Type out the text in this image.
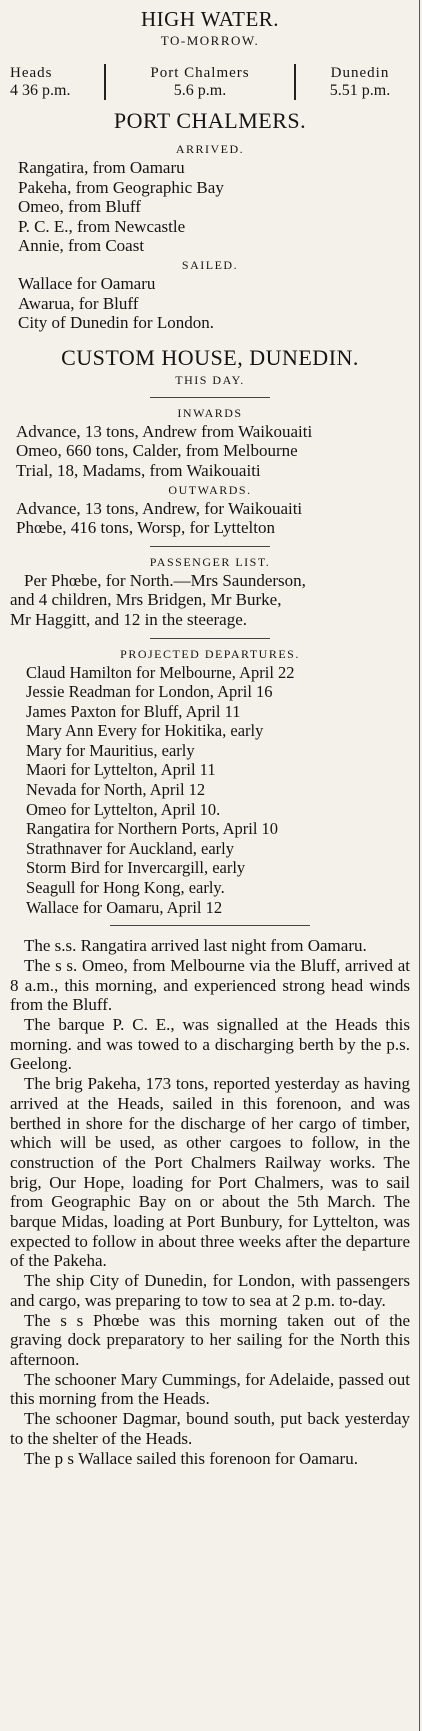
HIGH WATER.
TO-MORROW.
Heads
4 36 p.m.
Port Chalmers
5.6 p.m.
Dunedin
5.51 p.m.
PORT CHALMERS.
ARRIVED.
Rangatira, from Oamaru
Pakeha, from Geographic Bay
Omeo, from Bluff
P. C. E., from Newcastle
Annie, from Coast
SAILED.
Wallace for Oamaru
Awarua, for Bluff
City of Dunedin for London.
CUSTOM HOUSE, DUNEDIN.
THIS DAY.
INWARDS
Advance, 13 tons, Andrew from Waikouaiti
Omeo, 660 tons, Calder, from Melbourne
Trial, 18, Madams, from Waikouaiti
OUTWARDS.
Advance, 13 tons, Andrew, for Waikouaiti
Phœbe, 416 tons, Worsp, for Lyttelton
PASSENGER LIST.
Per Phœbe, for North.—Mrs Saunderson,
and 4 children, Mrs Bridgen, Mr Burke,
Mr Haggitt, and 12 in the steerage.
PROJECTED DEPARTURES.
Claud Hamilton for Melbourne, April 22
Jessie Readman for London, April 16
James Paxton for Bluff, April 11
Mary Ann Every for Hokitika, early
Mary for Mauritius, early
Maori for Lyttelton, April 11
Nevada for North, April 12
Omeo for Lyttelton, April 10.
Rangatira for Northern Ports, April 10
Strathnaver for Auckland, early
Storm Bird for Invercargill, early
Seagull for Hong Kong, early.
Wallace for Oamaru, April 12

The s.s. Rangatira arrived last night from Oamaru.

The s s. Omeo, from Melbourne via the Bluff, arrived at 8 a.m., this morning, and experienced strong head winds from the Bluff.

The barque P. C. E., was signalled at the Heads this morning. and was towed to a discharging berth by the p.s. Geelong.

The brig Pakeha, 173 tons, reported yesterday as having arrived at the Heads, sailed in this forenoon, and was berthed in shore for the discharge of her cargo of timber, which will be used, as other cargoes to follow, in the construction of the Port Chalmers Railway works. The brig, Our Hope, loading for Port Chalmers, was to sail from Geographic Bay on or about the 5th March. The barque Midas, loading at Port Bunbury, for Lyttelton, was expected to follow in about three weeks after the departure of the Pakeha.

The ship City of Dunedin, for London, with passengers and cargo, was preparing to tow to sea at 2 p.m. to-day.

The s s Phœbe was this morning taken out of the graving dock preparatory to her sailing for the North this afternoon.

The schooner Mary Cummings, for Adelaide, passed out this morning from the Heads.

The schooner Dagmar, bound south, put back yesterday to the shelter of the Heads.

The p s Wallace sailed this forenoon for Oamaru.
